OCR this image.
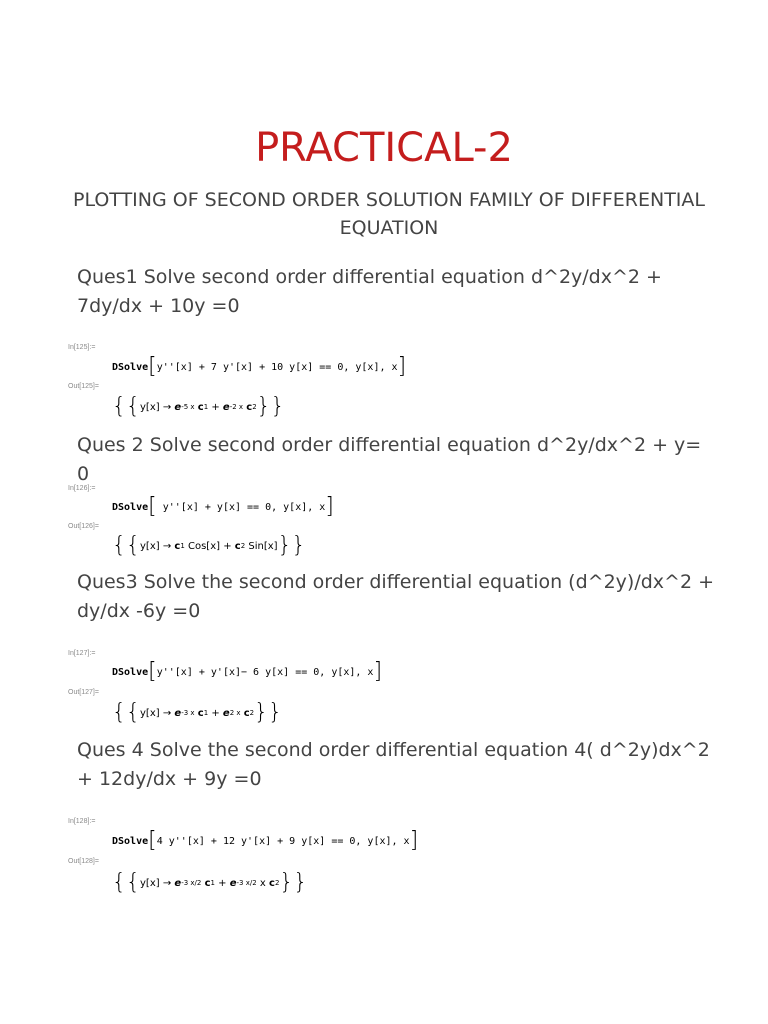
PRACTICAL-2
PLOTTING OF SECOND ORDER SOLUTION FAMILY OF DIFFERENTIAL EQUATION
Ques1 Solve second order differential equation d^2y/dx^2 + 7dy/dx + 10y =0
In[125]:=
DSolve [ y''[x] + 7 y'[x] + 10 y[x] == 0, y[x], x ]
Out[125]=
{{ y[x]
→
e -5 x
c 1
+
e -2 x
c 2 }}
Ques 2 Solve second order differential equation d^2y/dx^2 + y= 0
In[126]:=
DSolve [ y''[x] + y[x] == 0, y[x], x ]
Out[126]=
{{ y[x]
→
c 1
Cos[x]
+
c 2
Sin[x] }}
Ques3 Solve the second order differential equation (d^2y)/dx^2 + dy/dx -6y =0
In[127]:=
DSolve [ y''[x] + y'[x]− 6 y[x] == 0, y[x], x ]
Out[127]=
{{ y[x]
→
e -3 x
c 1
+
e 2 x
c 2 }}
Ques 4 Solve the second order differential equation 4( d^2y)dx^2 + 12dy/dx + 9y =0
In[128]:=
DSolve [ 4 y''[x] + 12 y'[x] + 9 y[x] == 0, y[x], x ]
Out[128]=
{{ y[x]
→
e -3 x/2
c 1
+
e -3 x/2
x
c 2 }}
